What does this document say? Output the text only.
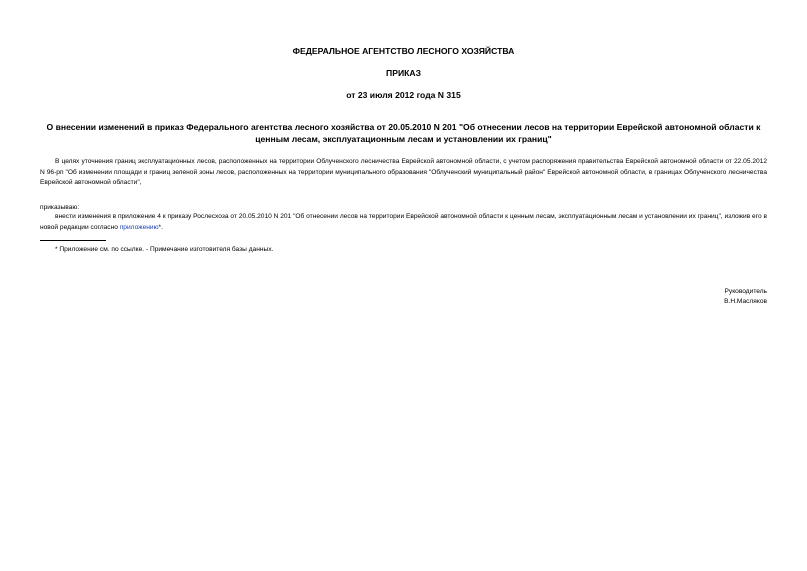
ФЕДЕРАЛЬНОЕ АГЕНТСТВО ЛЕСНОГО ХОЗЯЙСТВА
ПРИКАЗ
от 23 июля 2012 года N 315
О внесении изменений в приказ Федерального агентства лесного хозяйства от 20.05.2010 N 201 "Об отнесении лесов на территории Еврейской автономной области к ценным лесам, эксплуатационным лесам и установлении их границ"
В целях уточнения границ эксплуатационных лесов, расположенных на территории Облученского лесничества Еврейской автономной области, с учетом распоряжения правительства Еврейской автономной области от 22.05.2012 N 96-рп "Об изменении площади и границ зеленой зоны лесов, расположенных на территории муниципального образования "Облученский муниципальный район" Еврейской автономной области, в границах Облученского лесничества Еврейской автономной области",
приказываю:
внести изменения в приложение 4 к приказу Рослесхоза от 20.05.2010 N 201 "Об отнесении лесов на территории Еврейской автономной области к ценным лесам, эксплуатационным лесам и установлении их границ", изложив его в новой редакции согласно приложению*.
* Приложение см. по ссылке. - Примечание изготовителя базы данных.
Руководитель
В.Н.Масляков
